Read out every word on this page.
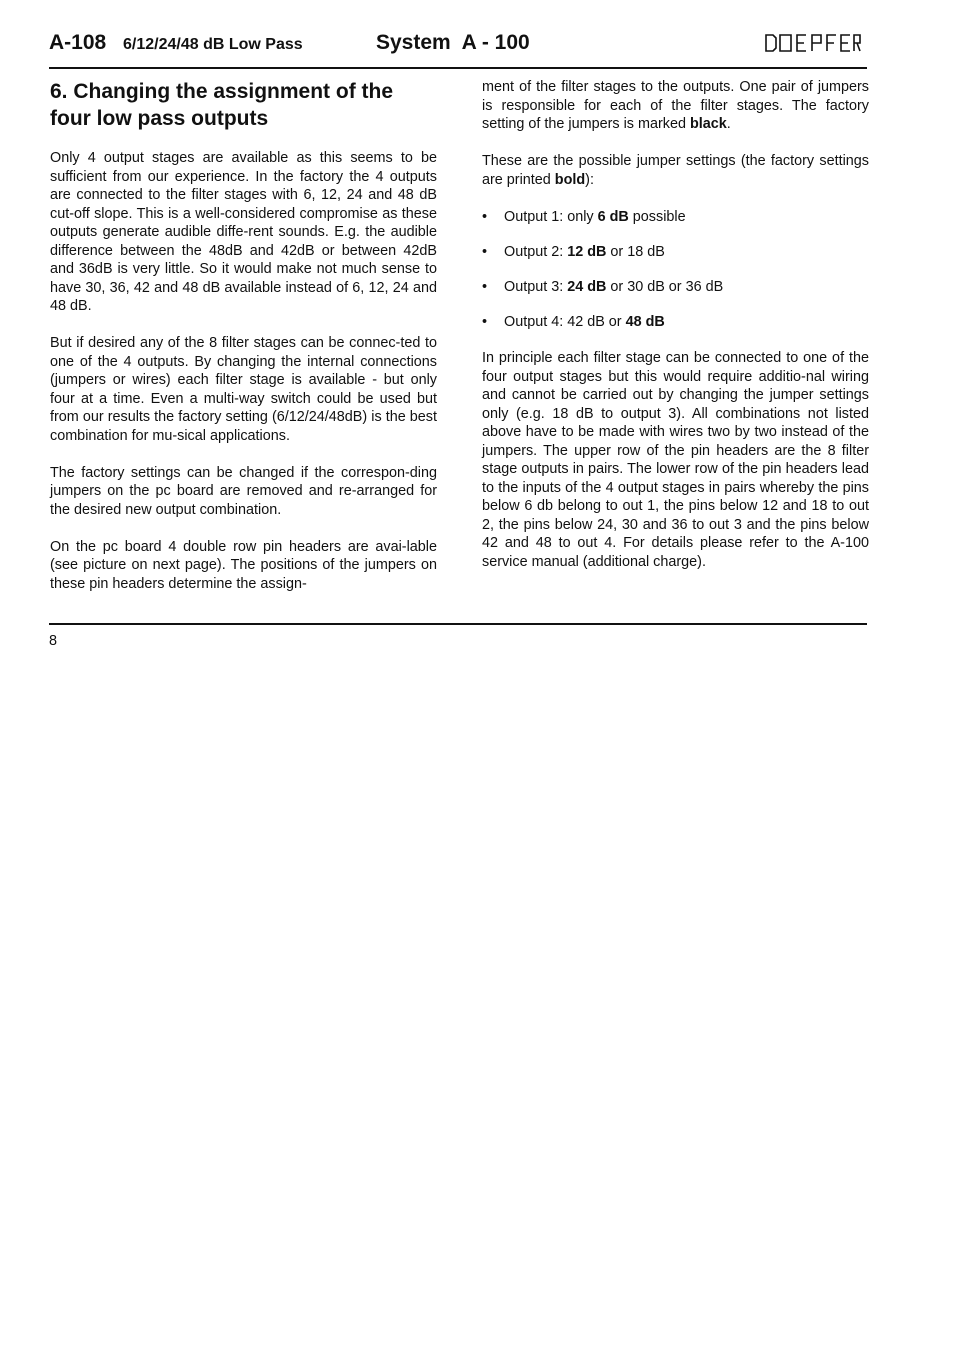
A-108 6/12/24/48 dB Low Pass	System  A - 100
6. Changing the assignment of the
four low pass outputs

Only 4 output stages are available as this seems to be sufficient from our experience. In the factory the 4 outputs are connected to the filter stages with 6, 12, 24 and 48 dB cut-off slope. This is a well-considered compromise as these outputs generate audible diffe-rent sounds. E.g. the audible difference between the 48dB and 42dB or between 42dB and 36dB is very little. So it would make not much sense to have 30, 36, 42 and 48 dB available instead of 6, 12, 24 and 48 dB.

But if desired any of the 8 filter stages can be connec-ted to one of the 4 outputs. By changing the internal connections (jumpers or wires) each filter stage is available - but only four at a time. Even a multi-way switch could be used but from our results the factory setting (6/12/24/48dB) is the best combination for mu-sical applications.

The factory settings can be changed if the correspon-ding jumpers on the pc board are removed and re-arranged for the desired new output combination.

On the pc board 4 double row pin headers are avai-lable (see picture on next page). The positions of the jumpers on these pin headers determine the assign-

ment of the filter stages to the outputs. One pair of jumpers is responsible for each of the filter stages. The factory setting of the jumpers is marked black.

These are the possible jumper settings (the factory settings are printed bold):

• Output 1: only 6 dB possible
• Output 2: 12 dB or 18 dB
• Output 3: 24 dB or 30 dB or 36 dB
• Output 4: 42 dB or 48 dB

In principle each filter stage can be connected to one of the four output stages but this would require additio-nal wiring and cannot be carried out by changing the jumper settings only (e.g. 18 dB to output 3). All combinations not listed above have to be made with wires two by two instead of the jumpers. The upper row of the pin headers are the 8 filter stage outputs in pairs. The lower row of the pin headers lead to the inputs of the 4 output stages in pairs whereby the pins below 6 db belong to out 1, the pins below 12 and 18 to out 2, the pins below 24, 30 and 36 to out 3 and the pins below 42 and 48 to out 4. For details please refer to the A-100 service manual (additional charge).

8
